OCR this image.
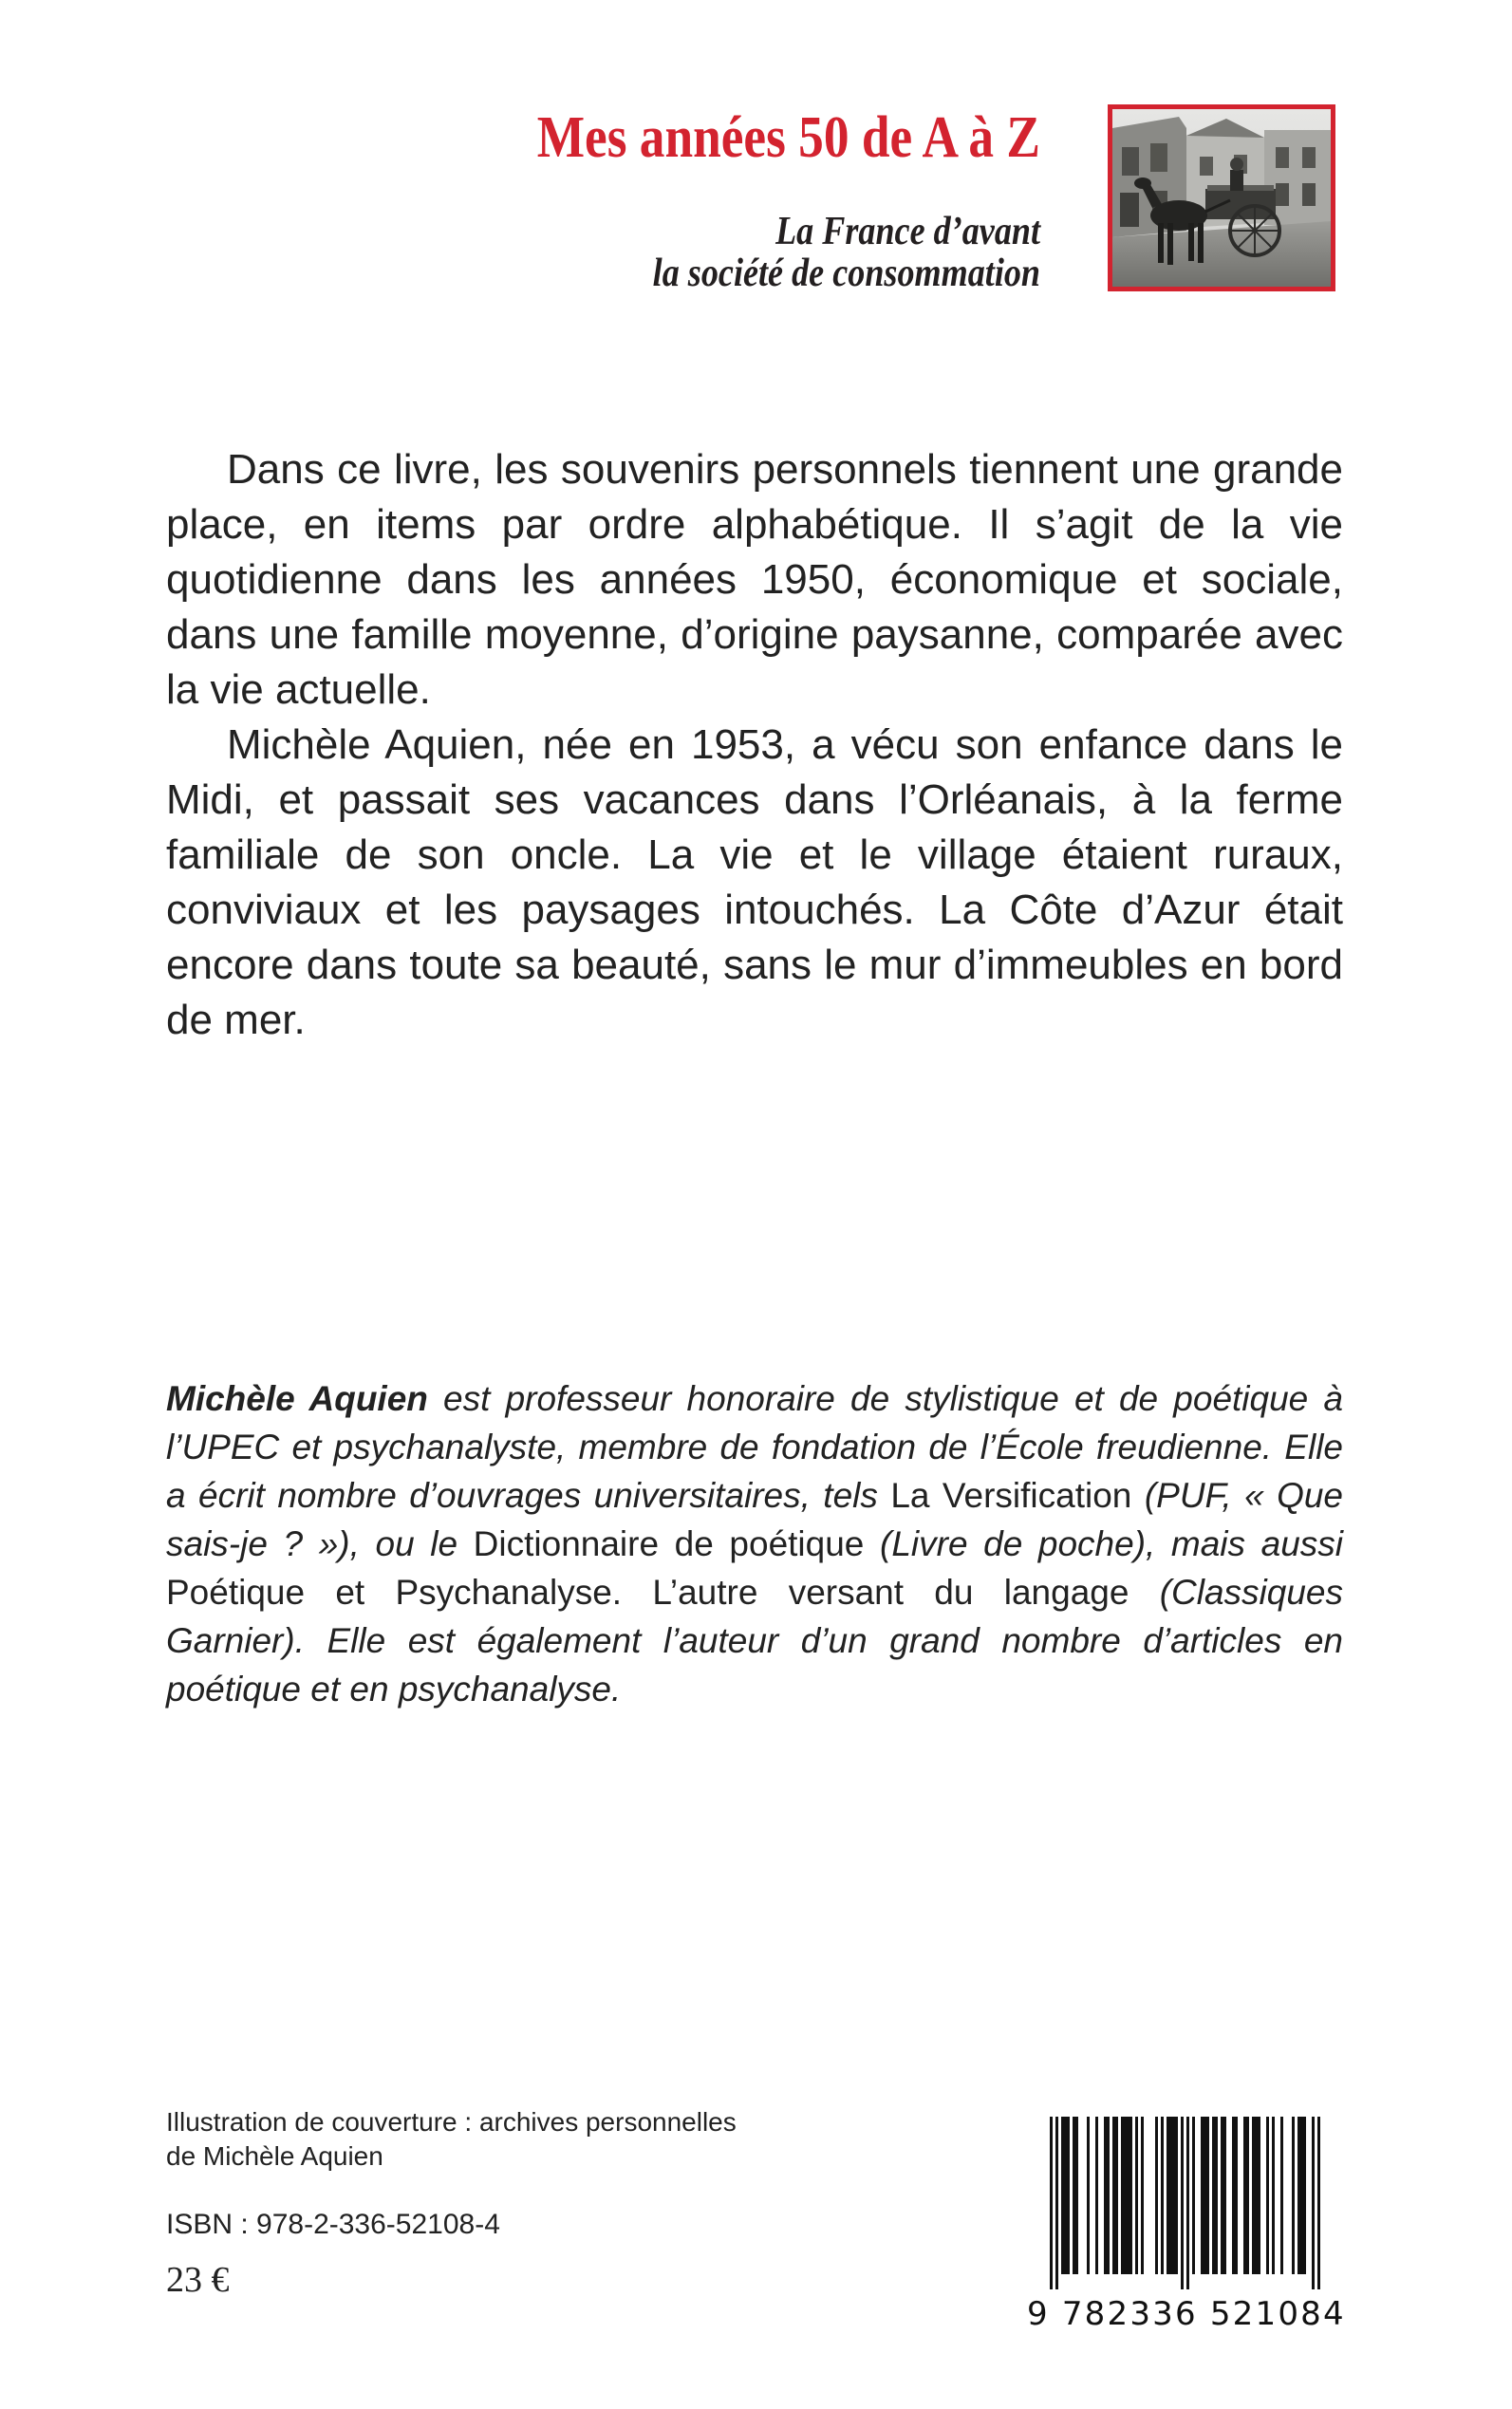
Mes années 50 de A à Z
La France d’avant
la société de consommation

Dans ce livre, les souvenirs personnels tiennent une grande place, en items par ordre alphabétique. Il s’agit de la vie quotidienne dans les années 1950, économique et sociale, dans une famille moyenne, d’origine paysanne, comparée avec la vie actuelle.

Michèle Aquien, née en 1953, a vécu son enfance dans le Midi, et passait ses vacances dans l’Orléanais, à la ferme familiale de son oncle. La vie et le village étaient ruraux, conviviaux et les paysages intouchés. La Côte d’Azur était encore dans toute sa beauté, sans le mur d’immeubles en bord de mer.

Michèle Aquien est professeur honoraire de stylistique et de poétique à l’UPEC et psychanalyste, membre de fondation de l’École freudienne. Elle a écrit nombre d’ouvrages universitaires, tels La Versification (PUF, « Que sais-je ? »), ou le Dictionnaire de poétique (Livre de poche), mais aussi Poétique et Psychanalyse. L’autre versant du langage (Classiques Garnier). Elle est également l’auteur d’un grand nombre d’articles en poétique et en psychanalyse.

Illustration de couverture : archives personnelles
de Michèle Aquien
ISBN : 978-2-336-52108-4
23 €
9 782336 521084
